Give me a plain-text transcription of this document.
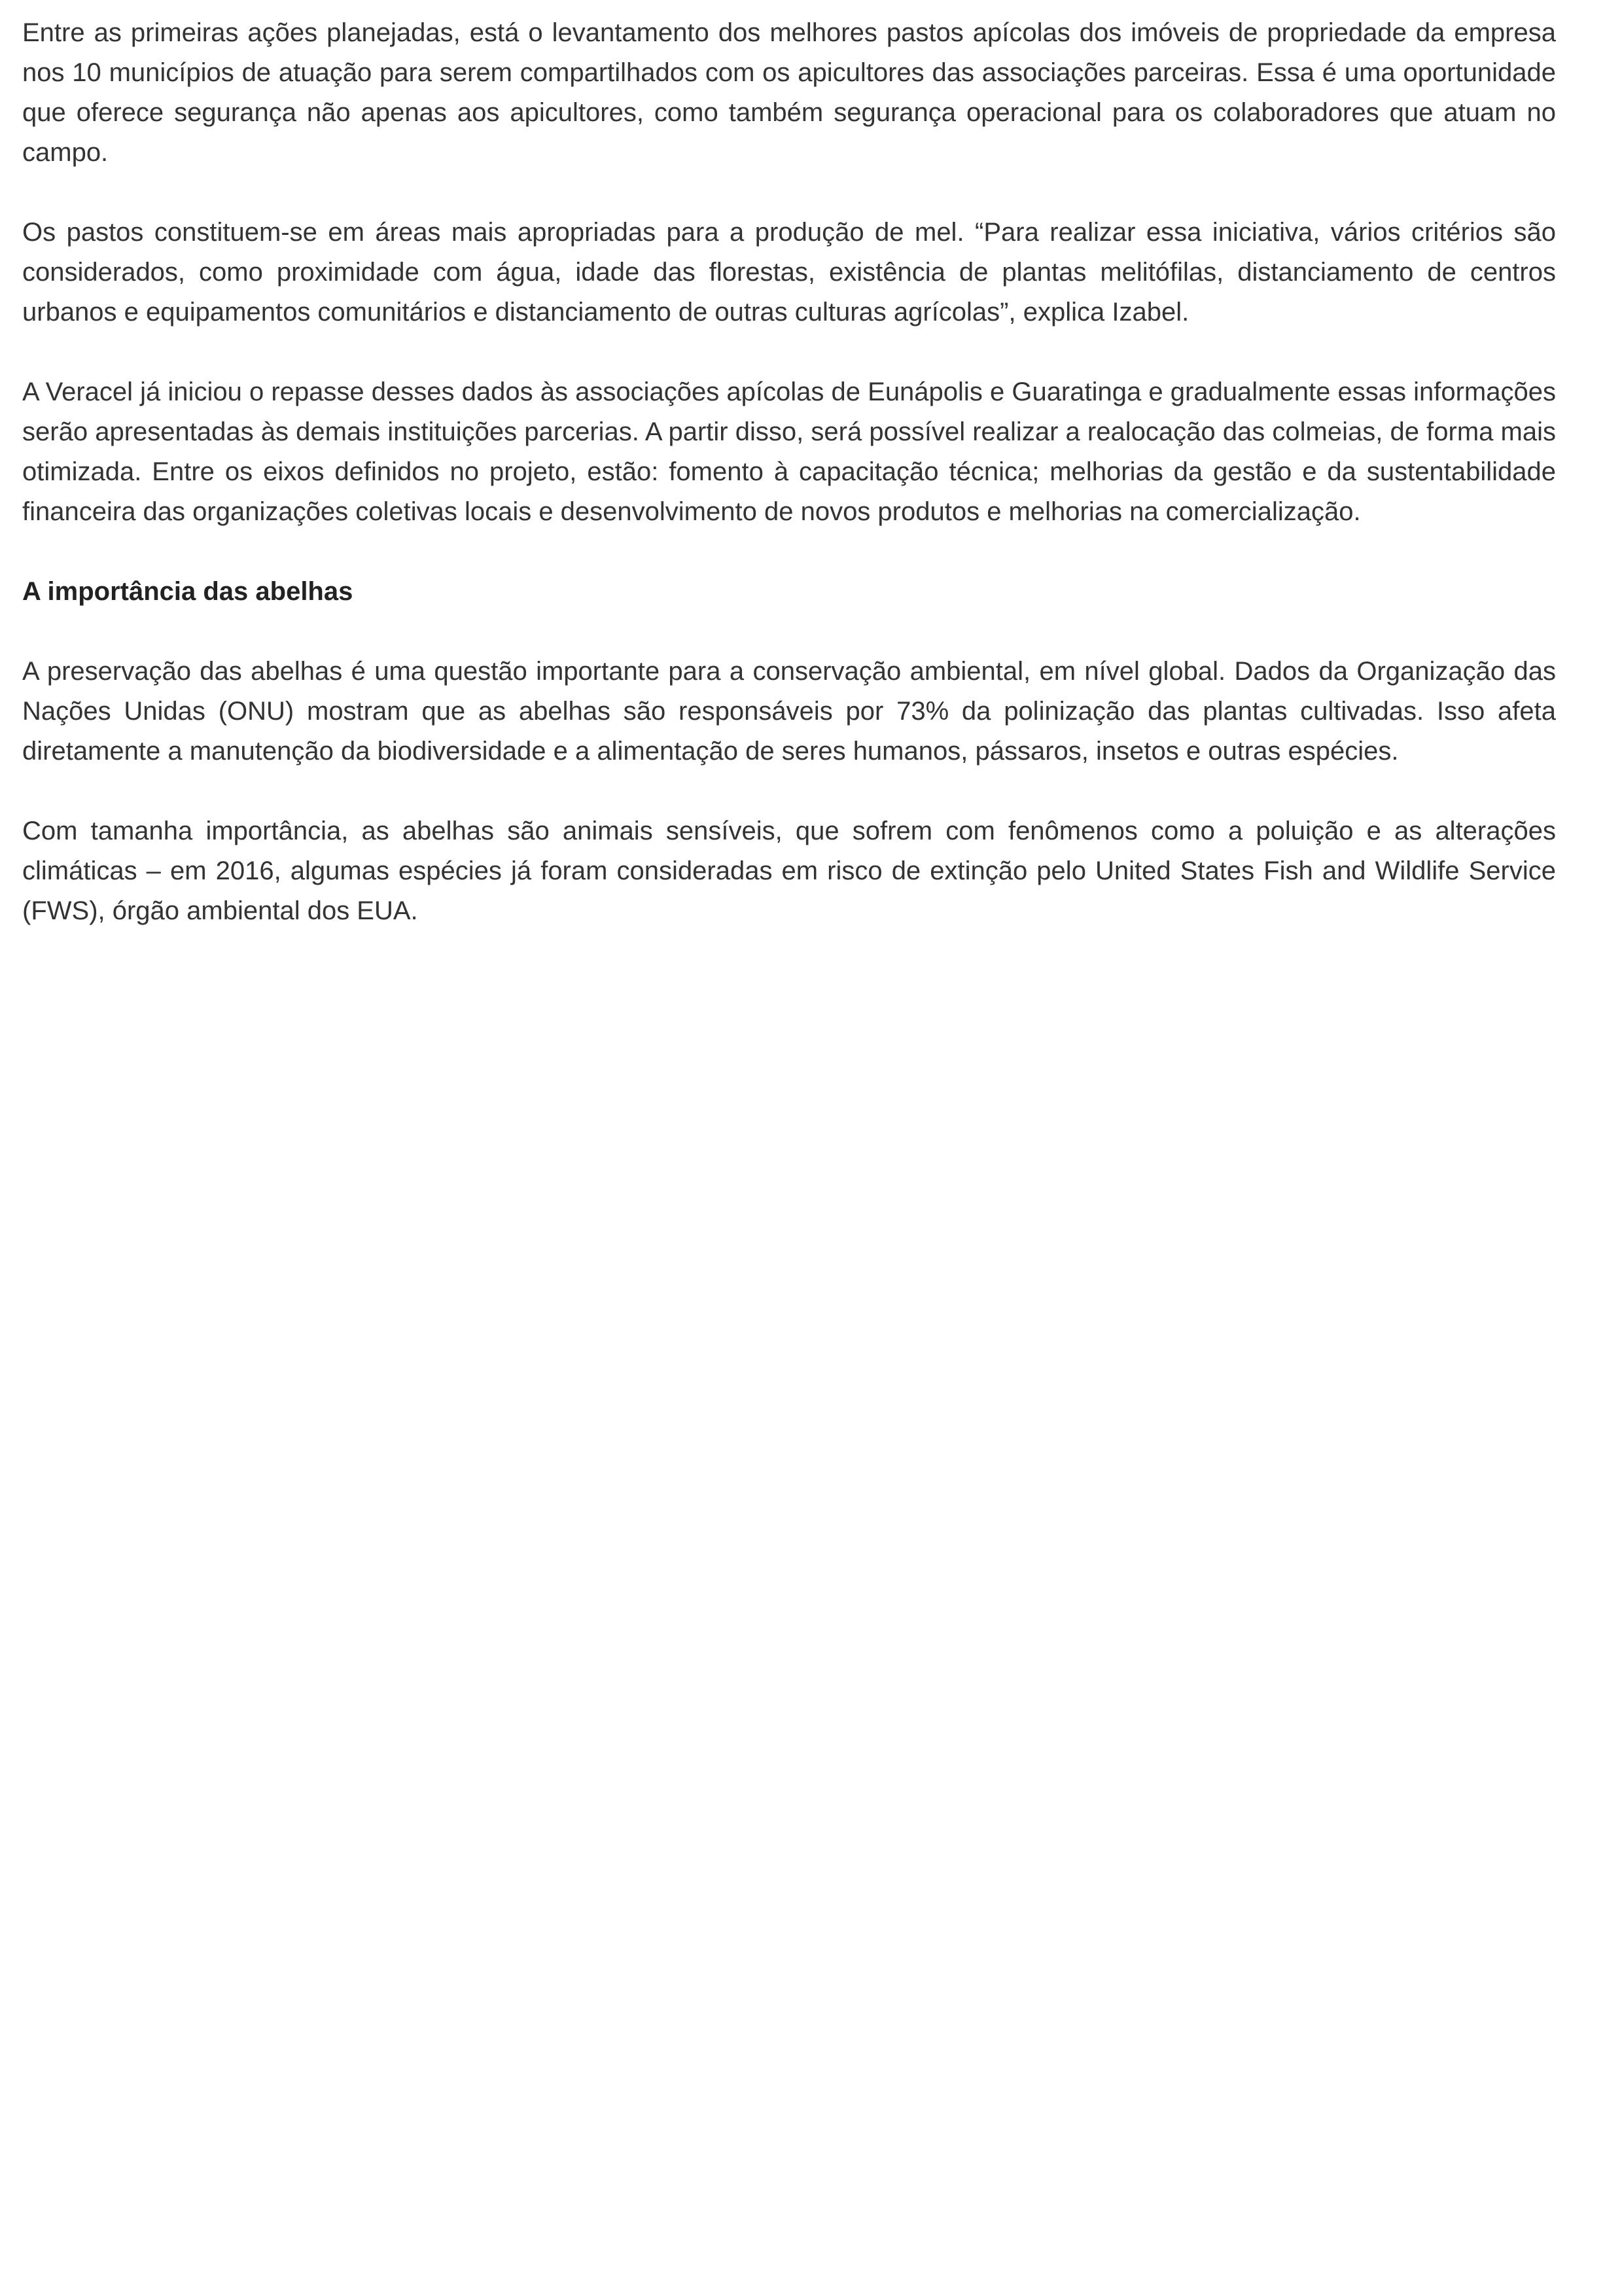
Entre as primeiras ações planejadas, está o levantamento dos melhores pastos apícolas dos imóveis de propriedade da empresa nos 10 municípios de atuação para serem compartilhados com os apicultores das associações parceiras. Essa é uma oportunidade que oferece segurança não apenas aos apicultores, como também segurança operacional para os colaboradores que atuam no campo.

Os pastos constituem-se em áreas mais apropriadas para a produção de mel. “Para realizar essa iniciativa, vários critérios são considerados, como proximidade com água, idade das florestas, existência de plantas melitófilas, distanciamento de centros urbanos e equipamentos comunitários e distanciamento de outras culturas agrícolas”, explica Izabel.

A Veracel já iniciou o repasse desses dados às associações apícolas de Eunápolis e Guaratinga e gradualmente essas informações serão apresentadas às demais instituições parcerias. A partir disso, será possível realizar a realocação das colmeias, de forma mais otimizada. Entre os eixos definidos no projeto, estão: fomento à capacitação técnica; melhorias da gestão e da sustentabilidade financeira das organizações coletivas locais e desenvolvimento de novos produtos e melhorias na comercialização.

A importância das abelhas

A preservação das abelhas é uma questão importante para a conservação ambiental, em nível global. Dados da Organização das Nações Unidas (ONU) mostram que as abelhas são responsáveis por 73% da polinização das plantas cultivadas. Isso afeta diretamente a manutenção da biodiversidade e a alimentação de seres humanos, pássaros, insetos e outras espécies.

Com tamanha importância, as abelhas são animais sensíveis, que sofrem com fenômenos como a poluição e as alterações climáticas – em 2016, algumas espécies já foram consideradas em risco de extinção pelo United States Fish and Wildlife Service (FWS), órgão ambiental dos EUA.
